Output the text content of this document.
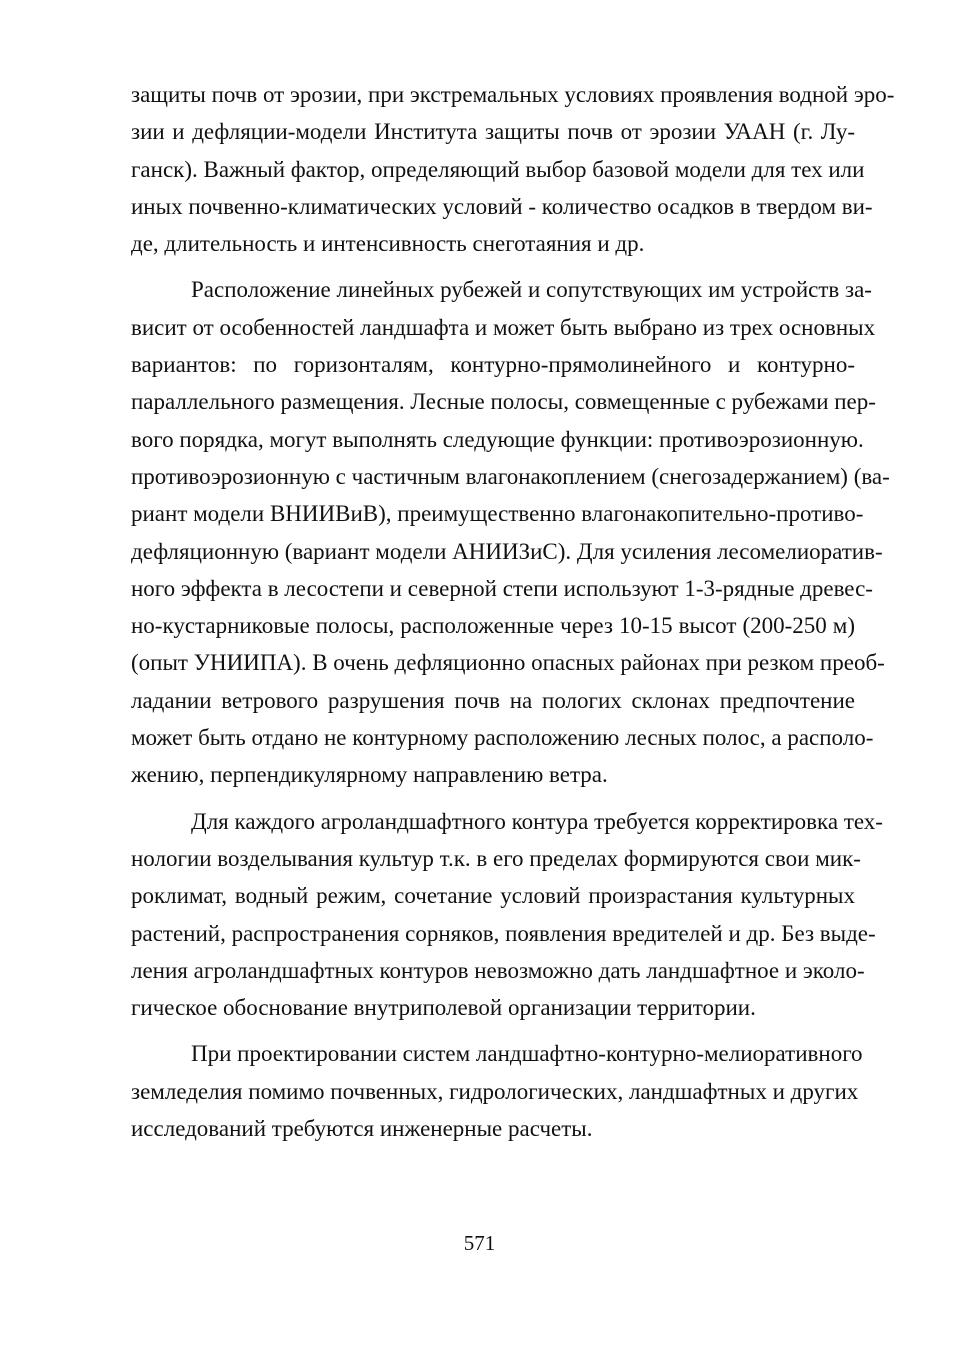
защиты почв от эрозии, при экстремальных условиях проявления водной эро-
зии и дефляции-модели Института защиты почв от эрозии УААН (г. Лу-
ганск). Важный фактор, определяющий выбор базовой модели для тех или
иных почвенно-климатических условий - количество осадков в твердом ви-
де, длительность и интенсивность снеготаяния и др.

Расположение линейных рубежей и сопутствующих им устройств за-
висит от особенностей ландшафта и может быть выбрано из трех основных
вариантов: по горизонталям, контурно-прямолинейного и контурно-
параллельного размещения. Лесные полосы, совмещенные с рубежами пер-
вого порядка, могут выполнять следующие функции: противоэрозионную.
противоэрозионную с частичным влагонакоплением (снегозадержанием) (ва-
риант модели ВНИИВиВ), преимущественно влагонакопительно-противо-
дефляционную (вариант модели АНИИЗиС). Для усиления лесомелиоратив-
ного эффекта в лесостепи и северной степи используют 1-3-рядные древес-
но-кустарниковые полосы, расположенные через 10-15 высот (200-250 м)
(опыт УНИИПА). В очень дефляционно опасных районах при резком преоб-
ладании ветрового разрушения почв на пологих склонах предпочтение
может быть отдано не контурному расположению лесных полос, а располо-
жению, перпендикулярному направлению ветра.

Для каждого агроландшафтного контура требуется корректировка тех-
нологии возделывания культур т.к. в его пределах формируются свои мик-
роклимат, водный режим, сочетание условий произрастания культурных
растений, распространения сорняков, появления вредителей и др. Без выде-
ления агроландшафтных контуров невозможно дать ландшафтное и эколо-
гическое обоснование внутриполевой организации территории.

При проектировании систем ландшафтно-контурно-мелиоративного
земледелия помимо почвенных, гидрологических, ландшафтных и других
исследований требуются инженерные расчеты.

571
